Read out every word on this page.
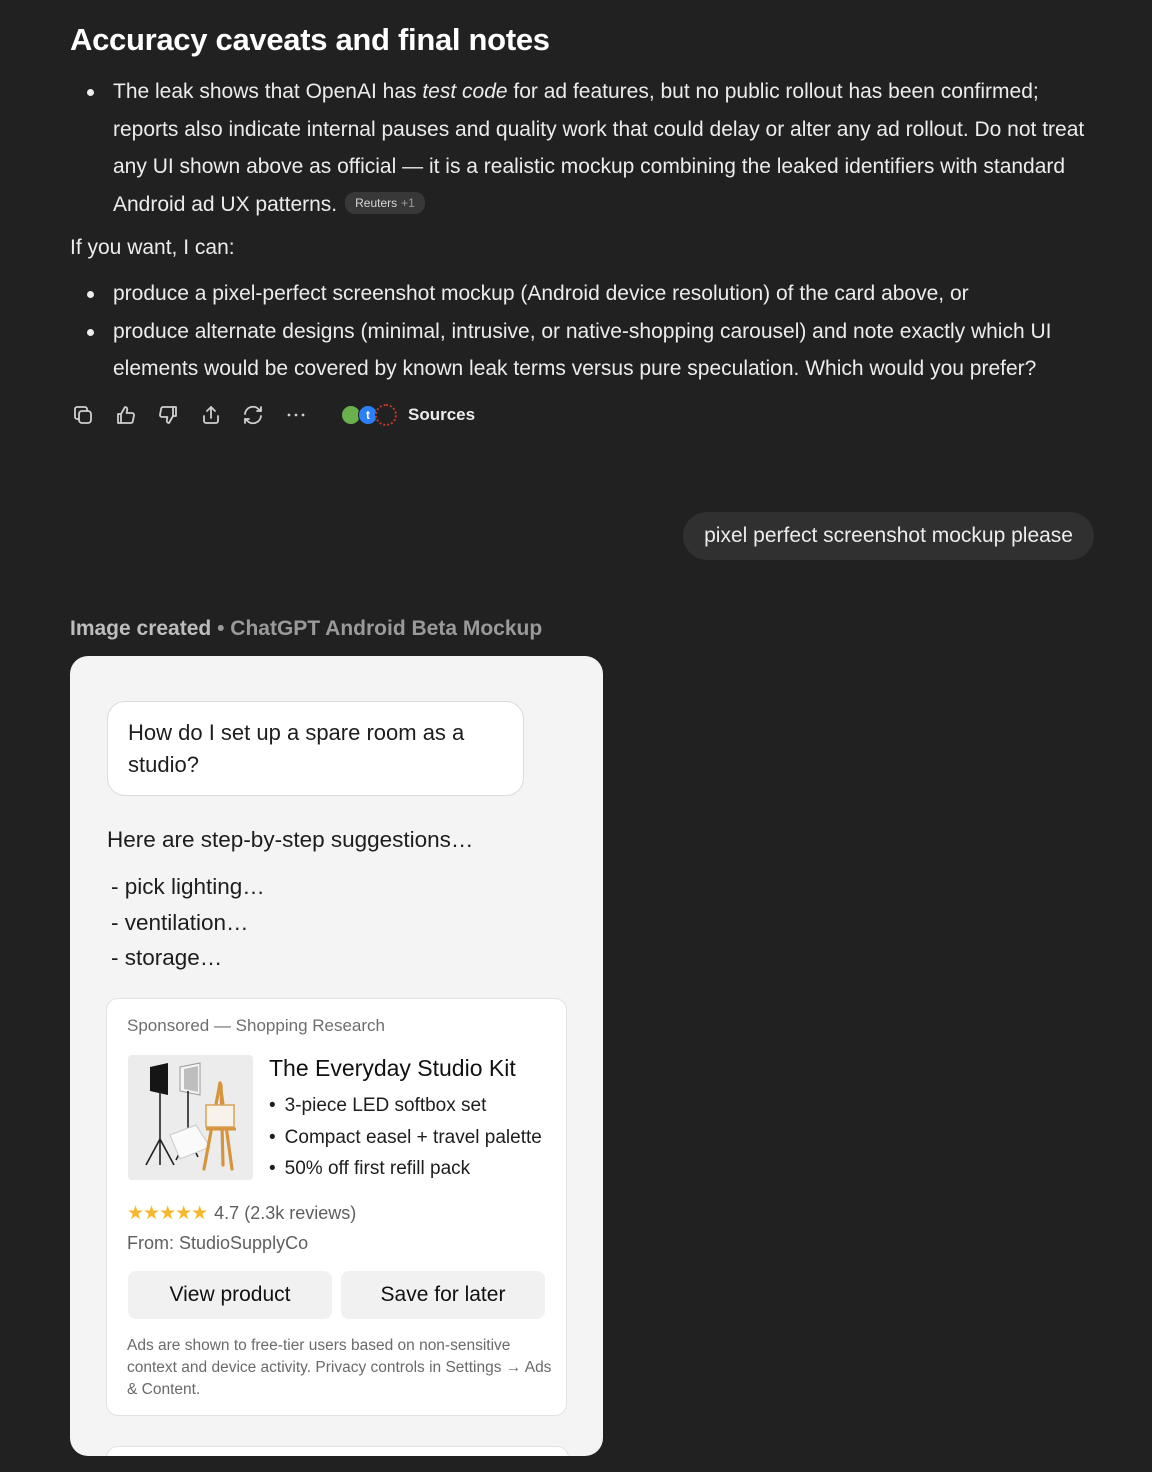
Accuracy caveats and final notes
The leak shows that OpenAI has test code for ad features, but no public rollout has been confirmed; reports also indicate internal pauses and quality work that could delay or alter any ad rollout. Do not treat any UI shown above as official — it is a realistic mockup combining the leaked identifiers with standard Android ad UX patterns. Reuters +1
If you want, I can:
produce a pixel-perfect screenshot mockup (Android device resolution) of the card above, or
produce alternate designs (minimal, intrusive, or native-shopping carousel) and note exactly which UI elements would be covered by known leak terms versus pure speculation. Which would you prefer?
t	Sources
pixel perfect screenshot mockup please
Image created • ChatGPT Android Beta Mockup
How do I set up a spare room as a studio?
Here are step-by-step suggestions…
- pick lighting…
- ventilation…
- storage…
Sponsored — Shopping Research
The Everyday Studio Kit
• 3-piece LED softbox set
• Compact easel + travel palette
• 50% off first refill pack
★★★★★ 4.7 (2.3k reviews)
From: StudioSupplyCo
View product	Save for later
Ads are shown to free-tier users based on non-sensitive context and device activity. Privacy controls in Settings → Ads & Content.
